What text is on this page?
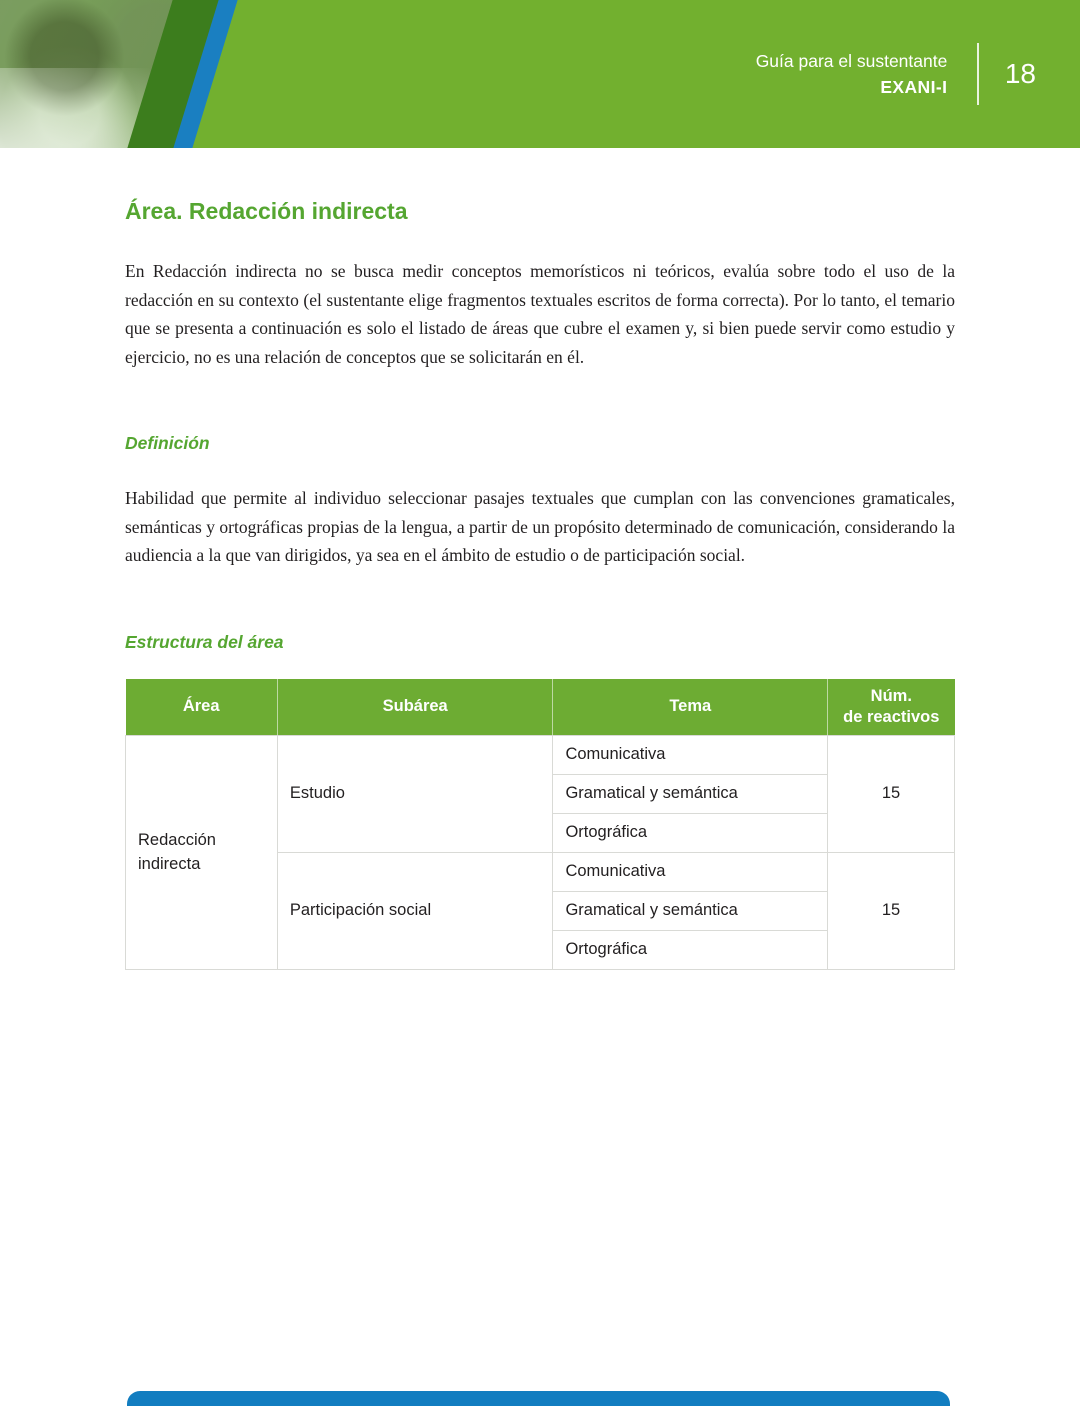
Guía para el sustentante
EXANI-I 18
Área. Redacción indirecta

En Redacción indirecta no se busca medir conceptos memorísticos ni teóricos, evalúa sobre todo el uso de la redacción en su contexto (el sustentante elige fragmentos textuales escritos de forma correcta). Por lo tanto, el temario que se presenta a continuación es solo el listado de áreas que cubre el examen y, si bien puede servir como estudio y ejercicio, no es una relación de conceptos que se solicitarán en él.

Definición

Habilidad que permite al individuo seleccionar pasajes textuales que cumplan con las convenciones gramaticales, semánticas y ortográficas propias de la lengua, a partir de un propósito determinado de comunicación, considerando la audiencia a la que van dirigidos, ya sea en el ámbito de estudio o de participación social.

Estructura del área
Área	Subárea	Tema	Núm.
de reactivos
Redacción indirecta	Estudio	Comunicativa	15
		Gramatical y semántica	
		Ortográfica	
	Participación social	Comunicativa	15
		Gramatical y semántica	
		Ortográfica	
